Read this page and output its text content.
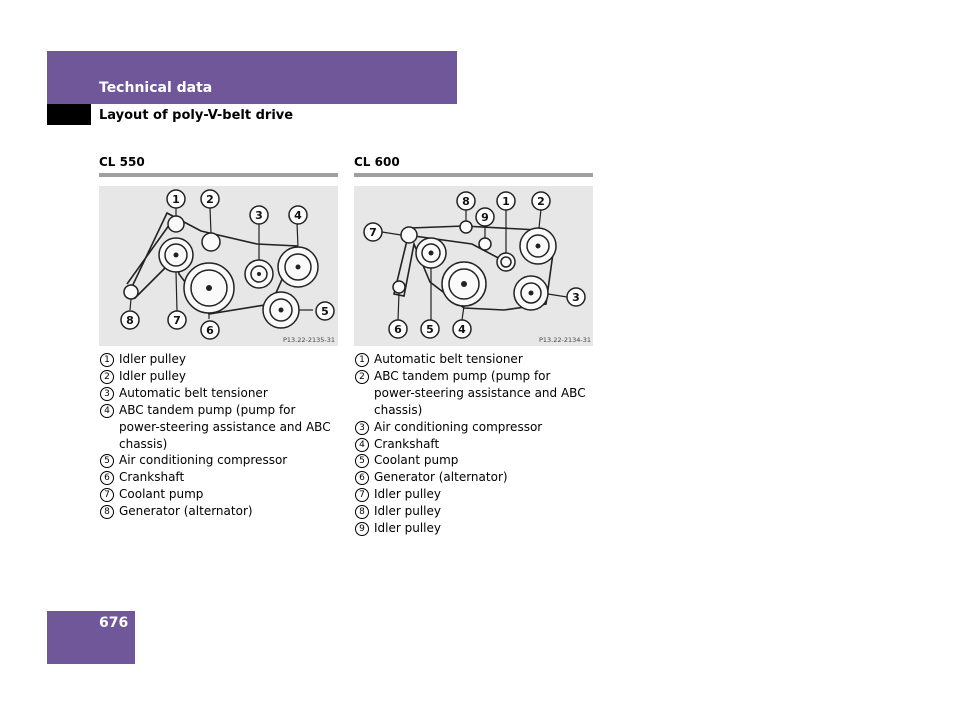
Technical data
Layout of poly-V-belt drive
CL 550	CL 600
1 2
3	4
5
6
7
8
P13.22-2135-31
8
9
1 2
3
4
5
6
7
P13.22-2134-31
1 Idler pulley
2 Idler pulley
3 Automatic belt tensioner
4 ABC tandem pump (pump for
power-steering assistance and ABC
chassis)
5 Air conditioning compressor
6 Crankshaft
7 Coolant pump
8 Generator (alternator)
1 Automatic belt tensioner
2 ABC tandem pump (pump for
power-steering assistance and ABC
chassis)
3 Air conditioning compressor
4 Crankshaft
5 Coolant pump
6 Generator (alternator)
7 Idler pulley
8 Idler pulley
9 Idler pulley
676
